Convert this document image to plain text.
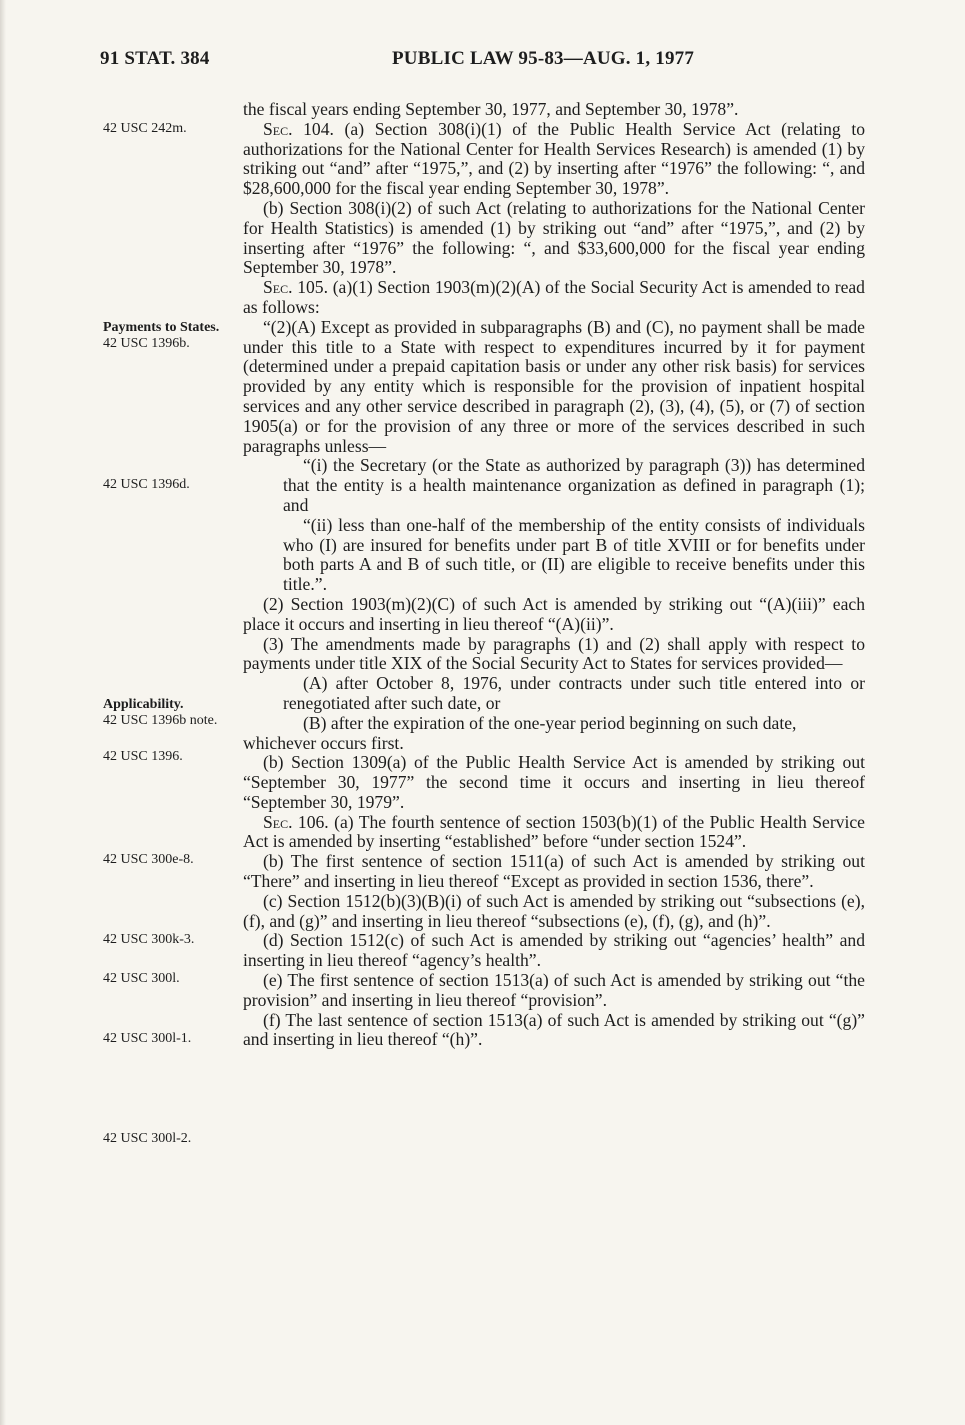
91 STAT. 384	PUBLIC LAW 95-83—AUG. 1, 1977
42 USC 242m.
Payments to States.
42 USC 1396b.
42 USC 1396d.
Applicability.
42 USC 1396b note.
42 USC 1396.
42 USC 300e-8.
42 USC 300k-3.
42 USC 300l.
42 USC 300l-1.
42 USC 300l-2.

the fiscal years ending September 30, 1977, and September 30, 1978”.

Sec. 104. (a) Section 308(i)(1) of the Public Health Service Act (relating to authorizations for the National Center for Health Services Research) is amended (1) by striking out “and” after “1975,”, and (2) by inserting after “1976” the following: “, and $28,600,000 for the fiscal year ending September 30, 1978”.

(b) Section 308(i)(2) of such Act (relating to authorizations for the National Center for Health Statistics) is amended (1) by striking out “and” after “1975,”, and (2) by inserting after “1976” the following: “, and $33,600,000 for the fiscal year ending September 30, 1978”.

Sec. 105. (a)(1) Section 1903(m)(2)(A) of the Social Security Act is amended to read as follows:

“(2)(A) Except as provided in subparagraphs (B) and (C), no payment shall be made under this title to a State with respect to expenditures incurred by it for payment (determined under a prepaid capitation basis or under any other risk basis) for services provided by any entity which is responsible for the provision of inpatient hospital services and any other service described in paragraph (2), (3), (4), (5), or (7) of section 1905(a) or for the provision of any three or more of the services described in such paragraphs unless—

“(i) the Secretary (or the State as authorized by paragraph (3)) has determined that the entity is a health maintenance organization as defined in paragraph (1); and

“(ii) less than one-half of the membership of the entity consists of individuals who (I) are insured for benefits under part B of title XVIII or for benefits under both parts A and B of such title, or (II) are eligible to receive benefits under this title.”.

(2) Section 1903(m)(2)(C) of such Act is amended by striking out “(A)(iii)” each place it occurs and inserting in lieu thereof “(A)(ii)”.

(3) The amendments made by paragraphs (1) and (2) shall apply with respect to payments under title XIX of the Social Security Act to States for services provided—

(A) after October 8, 1976, under contracts under such title entered into or renegotiated after such date, or

(B) after the expiration of the one-year period beginning on such date,

whichever occurs first.

(b) Section 1309(a) of the Public Health Service Act is amended by striking out “September 30, 1977” the second time it occurs and inserting in lieu thereof “September 30, 1979”.

Sec. 106. (a) The fourth sentence of section 1503(b)(1) of the Public Health Service Act is amended by inserting “established” before “under section 1524”.

(b) The first sentence of section 1511(a) of such Act is amended by striking out “There” and inserting in lieu thereof “Except as provided in section 1536, there”.

(c) Section 1512(b)(3)(B)(i) of such Act is amended by striking out “subsections (e), (f), and (g)” and inserting in lieu thereof “subsections (e), (f), (g), and (h)”.

(d) Section 1512(c) of such Act is amended by striking out “agencies’ health” and inserting in lieu thereof “agency’s health”.

(e) The first sentence of section 1513(a) of such Act is amended by striking out “the provision” and inserting in lieu thereof “provision”.

(f) The last sentence of section 1513(a) of such Act is amended by striking out “(g)” and inserting in lieu thereof “(h)”.
